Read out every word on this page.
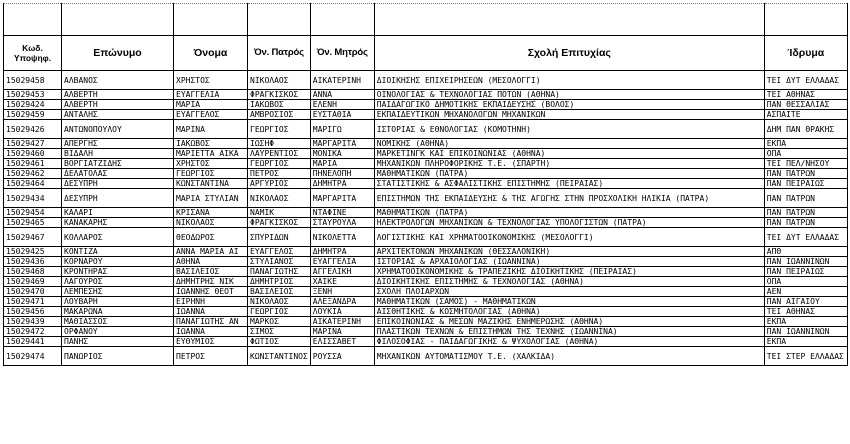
Κωδ. Υποψηφ.	Επώνυμο	Όνομα	Όν. Πατρός	Όν. Μητρός	Σχολή Επιτυχίας	Ίδρυμα
15029458	ΑΛΒΑΝΟΣ	ΧΡΗΣΤΟΣ	ΝΙΚΟΛΑΟΣ	ΑΙΚΑΤΕΡΙΝΗ	ΔΙΟΙΚΗΣΗΣ ΕΠΙΧΕΙΡΗΣΕΩΝ (ΜΕΣΟΛΟΓΓΙ)	ΤΕΙ ΔΥΤ ΕΛΛΑΔΑΣ
15029453	ΑΛΒΕΡΤΗ	ΕΥΑΓΓΕΛΙΑ	ΦΡΑΓΚΙΣΚΟΣ	ΑΝΝΑ	ΟΙΝΟΛΟΓΙΑΣ & ΤΕΧΝΟΛΟΓΙΑΣ ΠΟΤΩΝ (ΑΘΗΝΑ)	ΤΕΙ ΑΘΗΝΑΣ
15029424	ΑΛΒΕΡΤΗ	ΜΑΡΙΑ	ΙΑΚΩΒΟΣ	ΕΛΕΝΗ	ΠΑΙΔΑΓΩΓΙΚΟ ΔΗΜΟΤΙΚΗΣ ΕΚΠΑΙΔΕΥΣΗΣ (ΒΟΛΟΣ)	ΠΑΝ ΘΕΣΣΑΛΙΑΣ
15029459	ΑΝΤΑΛΗΣ	ΕΥΑΓΓΕΛΟΣ	ΑΜΒΡΟΣΙΟΣ	ΕΥΣΤΑΘΙΑ	ΕΚΠΑΙΔΕΥΤΙΚΩΝ ΜΗΧΑΝΟΛΟΓΩΝ ΜΗΧΑΝΙΚΩΝ	ΑΣΠΑΙΤΕ
15029426	ΑΝΤΩΝΟΠΟΥΛΟΥ	ΜΑΡΙΝΑ	ΓΕΩΡΓΙΟΣ	ΜΑΡΙΓΩ	ΙΣΤΟΡΙΑΣ & ΕΘΝΟΛΟΓΙΑΣ (ΚΟΜΟΤΗΝΗ)	ΔΗΜ ΠΑΝ ΘΡΑΚΗΣ
15029427	ΑΠΕΡΓΗΣ	ΙΑΚΩΒΟΣ	ΙΩΣΗΦ	ΜΑΡΓΑΡΙΤΑ	ΝΟΜΙΚΗΣ (ΑΘΗΝΑ)	ΕΚΠΑ
15029460	ΒΙΔΑΛΗ	ΜΑΡΙΕΤΤΑ ΑΙΚΑ	ΛΑΥΡΕΝΤΙΟΣ	ΜΟΝΙΚΑ	ΜΑΡΚΕΤΙΝΓΚ ΚΑΙ ΕΠΙΚΟΙΝΩΝΙΑΣ (ΑΘΗΝΑ)	ΟΠΑ
15029461	ΒΟΡΓΙΑΤΖΙΔΗΣ	ΧΡΗΣΤΟΣ	ΓΕΩΡΓΙΟΣ	ΜΑΡΙΑ	ΜΗΧΑΝΙΚΩΝ ΠΛΗΡΟΦΟΡΙΚΗΣ Τ.Ε. (ΣΠΑΡΤΗ)	ΤΕΙ ΠΕΛ/ΝΗΣΟΥ
15029462	ΔΕΛΑΤΟΛΑΣ	ΓΕΩΡΓΙΟΣ	ΠΕΤΡΟΣ	ΠΗΝΕΛΟΠΗ	ΜΑΘΗΜΑΤΙΚΩΝ (ΠΑΤΡΑ)	ΠΑΝ ΠΑΤΡΩΝ
15029464	ΔΕΣΥΠΡΗ	ΚΩΝΣΤΑΝΤΙΝΑ	ΑΡΓΥΡΙΟΣ	ΔΗΜΗΤΡΑ	ΣΤΑΤΙΣΤΙΚΗΣ & ΑΣΦΑΛΙΣΤΙΚΗΣ ΕΠΙΣΤΗΜΗΣ (ΠΕΙΡΑΙΑΣ)	ΠΑΝ ΠΕΙΡΑΙΩΣ
15029434	ΔΕΣΥΠΡΗ	ΜΑΡΙΑ ΣΤΥΛΙΑΝ	ΝΙΚΟΛΑΟΣ	ΜΑΡΓΑΡΙΤΑ	ΕΠΙΣΤΗΜΩΝ ΤΗΣ ΕΚΠΑΙΔΕΥΣΗΣ & ΤΗΣ ΑΓΩΓΗΣ ΣΤΗΝ ΠΡΟΣΧΟΛΙΚΗ ΗΛΙΚΙΑ (ΠΑΤΡΑ)	ΠΑΝ ΠΑΤΡΩΝ
15029454	ΚΑΛΑΡΙ	ΚΡΙΣΑΝΑ	ΝΑΜΙΚ	ΝΤΑΦΙΝΕ	ΜΑΘΗΜΑΤΙΚΩΝ (ΠΑΤΡΑ)	ΠΑΝ ΠΑΤΡΩΝ
15029465	ΚΑΝΑΚΑΡΗΣ	ΝΙΚΟΛΑΟΣ	ΦΡΑΓΚΙΣΚΟΣ	ΣΤΑΥΡΟΥΛΑ	ΗΛΕΚΤΡΟΛΟΓΩΝ ΜΗΧΑΝΙΚΩΝ & ΤΕΧΝΟΛΟΓΙΑΣ ΥΠΟΛΟΓΙΣΤΩΝ (ΠΑΤΡΑ)	ΠΑΝ ΠΑΤΡΩΝ
15029467	ΚΟΛΛΑΡΟΣ	ΘΕΟΔΩΡΟΣ	ΣΠΥΡΙΔΩΝ	ΝΙΚΟΛΕΤΤΑ	ΛΟΓΙΣΤΙΚΗΣ ΚΑΙ ΧΡΗΜΑΤΟΟΙΚΟΝΟΜΙΚΗΣ (ΜΕΣΟΛΟΓΓΙ)	ΤΕΙ ΔΥΤ ΕΛΛΑΔΑΣ
15029425	ΚΟΝΤΙΖΑ	ΑΝΝΑ ΜΑΡΙΑ ΑΙ	ΕΥΑΓΓΕΛΟΣ	ΔΗΜΗΤΡΑ	ΑΡΧΙΤΕΚΤΟΝΩΝ ΜΗΧΑΝΙΚΩΝ (ΘΕΣΣΑΛΟΝΙΚΗ)	ΑΠΘ
15029436	ΚΟΡΝΑΡΟΥ	ΑΘΗΝΑ	ΣΤΥΛΙΑΝΟΣ	ΕΥΑΓΓΕΛΙΑ	ΙΣΤΟΡΙΑΣ & ΑΡΧΑΙΟΛΟΓΙΑΣ (ΙΩΑΝΝΙΝΑ)	ΠΑΝ ΙΩΑΝΝΙΝΩΝ
15029468	ΚΡΟΝΤΗΡΑΣ	ΒΑΣΙΛΕΙΟΣ	ΠΑΝΑΓΙΩΤΗΣ	ΑΓΓΕΛΙΚΗ	ΧΡΗΜΑΤΟΟΙΚΟΝΟΜΙΚΗΣ & ΤΡΑΠΕΖΙΚΗΣ ΔΙΟΙΚΗΤΙΚΗΣ (ΠΕΙΡΑΙΑΣ)	ΠΑΝ ΠΕΙΡΑΙΩΣ
15029469	ΛΑΓΟΥΡΟΣ	ΔΗΜΗΤΡΗΣ ΝΙΚ	ΔΗΜΗΤΡΙΟΣ	ΧΑΙΚΕ	ΔΙΟΙΚΗΤΙΚΗΣ ΕΠΙΣΤΗΜΗΣ & ΤΕΧΝΟΛΟΓΙΑΣ (ΑΘΗΝΑ)	ΟΠΑ
15029470	ΛΕΜΠΕΣΗΣ	ΙΩΑΝΝΗΣ ΘΕΟΤ	ΒΑΣΙΛΕΙΟΣ	ΞΕΝΗ	ΣΧΟΛΗ ΠΛΟΙΑΡΧΩΝ	ΑΕΝ
15029471	ΛΟΥΒΑΡΗ	ΕΙΡΗΝΗ	ΝΙΚΟΛΑΟΣ	ΑΛΕΞΑΝΔΡΑ	ΜΑΘΗΜΑΤΙΚΩΝ (ΣΑΜΟΣ) - ΜΑΘΗΜΑΤΙΚΩΝ	ΠΑΝ ΑΙΓΑΙΟΥ
15029456	ΜΑΚΑΡΩΝΑ	ΙΩΑΝΝΑ	ΓΕΩΡΓΙΟΣ	ΛΟΥΚΙΑ	ΑΙΣΘΗΤΙΚΗΣ & ΚΟΣΜΗΤΟΛΟΓΙΑΣ (ΑΘΗΝΑ)	ΤΕΙ ΑΘΗΝΑΣ
15029439	ΜΑΘΙΑΣΣΟΣ	ΠΑΝΑΓΙΩΤΗΣ ΑΝ	ΜΑΡΚΟΣ	ΑΙΚΑΤΕΡΙΝΗ	ΕΠΙΚΟΙΝΩΝΙΑΣ & ΜΕΣΩΝ ΜΑΖΙΚΗΣ ΕΝΗΜΕΡΩΣΗΣ (ΑΘΗΝΑ)	ΕΚΠΑ
15029472	ΟΡΦΑΝΟΥ	ΙΩΑΝΝΑ	ΣΙΜΟΣ	ΜΑΡΙΝΑ	ΠΛΑΣΤΙΚΩΝ ΤΕΧΝΩΝ & ΕΠΙΣΤΗΜΩΝ ΤΗΣ ΤΕΧΝΗΣ (ΙΩΑΝΝΙΝΑ)	ΠΑΝ ΙΩΑΝΝΙΝΩΝ
15029441	ΠΑΝΗΣ	ΕΥΘΥΜΙΟΣ	ΦΩΤΙΟΣ	ΕΛΙΣΣΑΒΕΤ	ΦΙΛΟΣΟΦΙΑΣ - ΠΑΙΔΑΓΩΓΙΚΗΣ & ΨΥΧΟΛΟΓΙΑΣ (ΑΘΗΝΑ)	ΕΚΠΑ
15029474	ΠΑΝΩΡΙΟΣ	ΠΕΤΡΟΣ	ΚΩΝΣΤΑΝΤΙΝΟΣ	ΡΟΥΣΣΑ	ΜΗΧΑΝΙΚΩΝ ΑΥΤΟΜΑΤΙΣΜΟΥ Τ.Ε. (ΧΑΛΚΙΔΑ)	ΤΕΙ ΣΤΕΡ ΕΛΛΑΔΑΣ
